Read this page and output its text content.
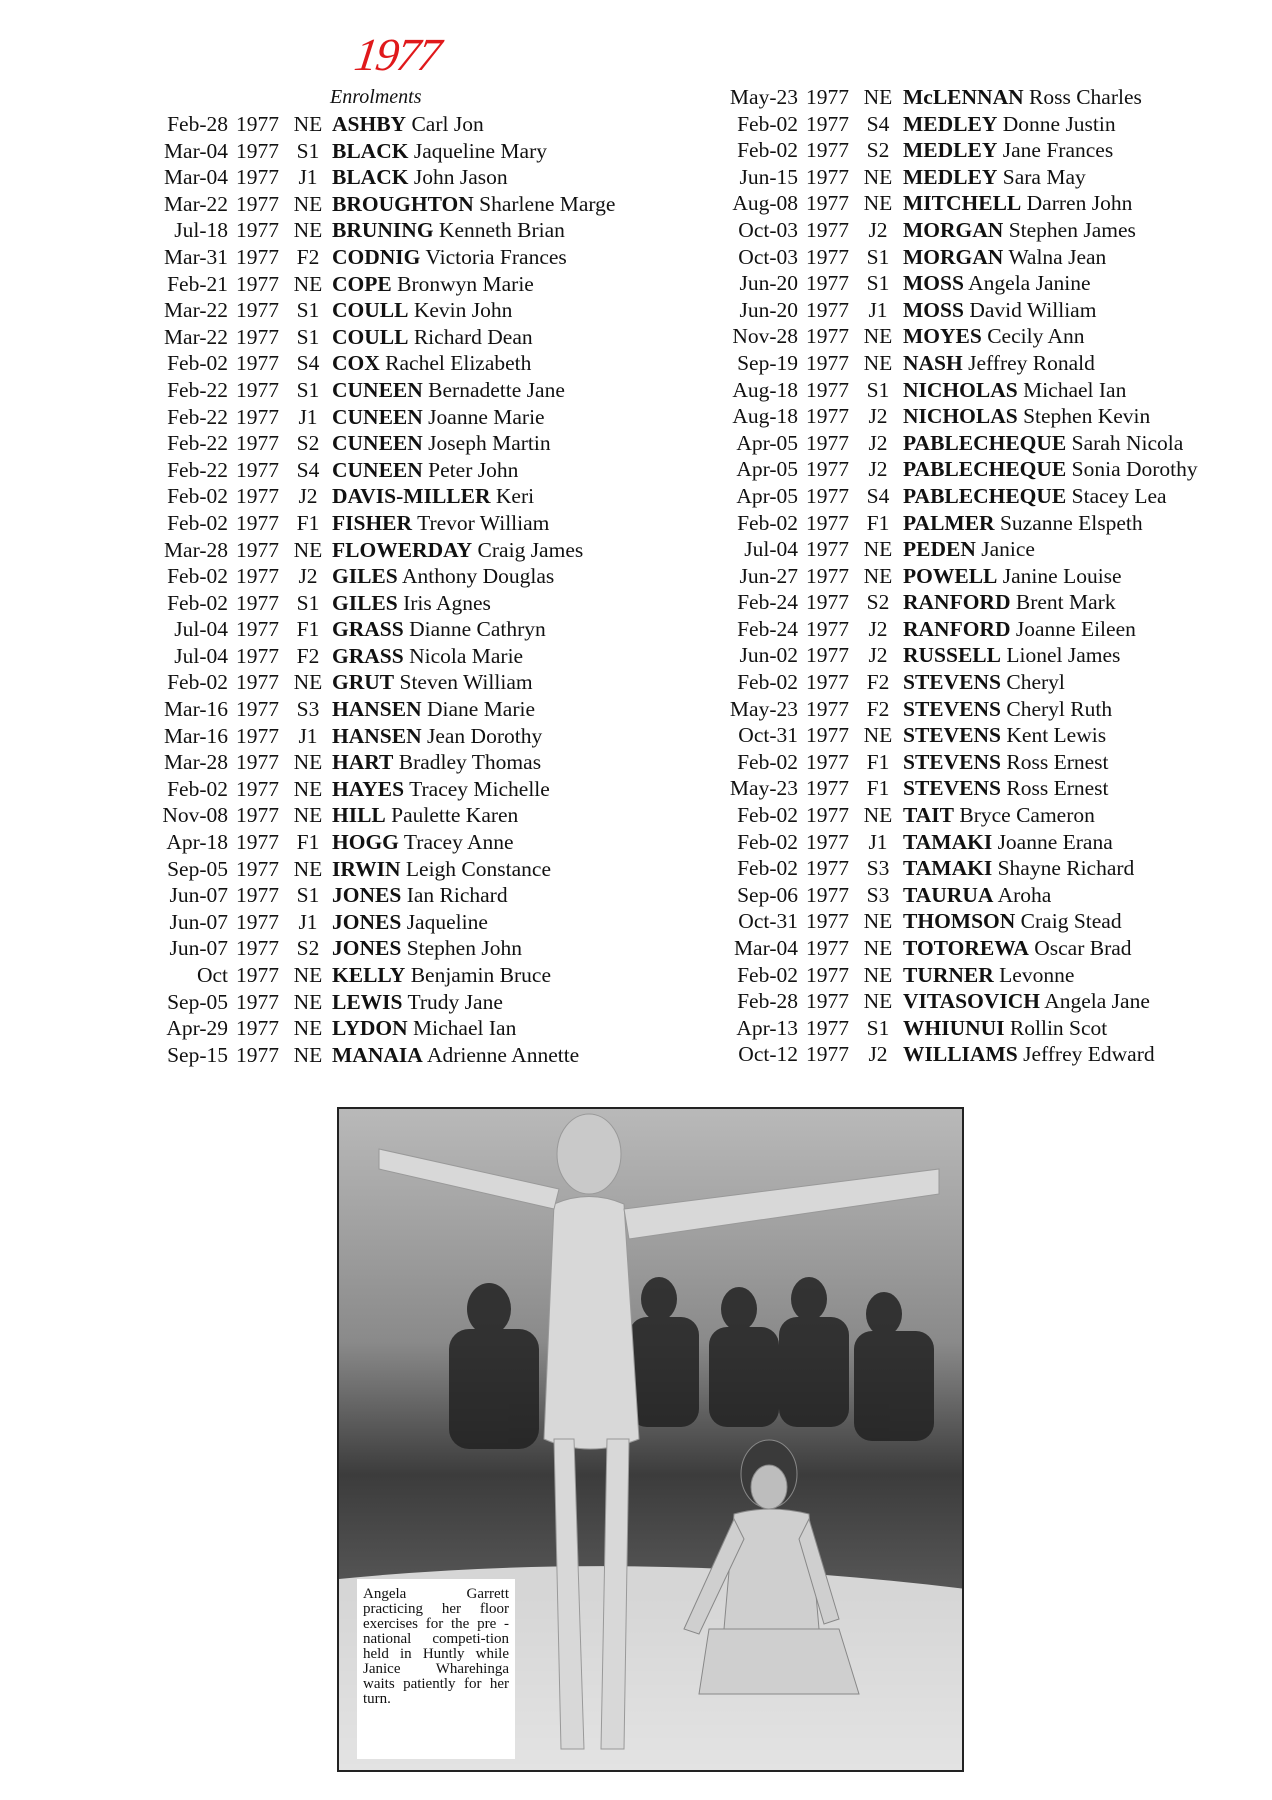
1977
Enrolments
Feb-28 1977 NE ASHBY Carl Jon
Mar-04 1977 S1 BLACK Jaqueline Mary
Mar-04 1977 J1 BLACK John Jason
Mar-22 1977 NE BROUGHTON Sharlene Marge
Jul-18 1977 NE BRUNING Kenneth Brian
Mar-31 1977 F2 CODNIG Victoria Frances
Feb-21 1977 NE COPE Bronwyn Marie
Mar-22 1977 S1 COULL Kevin John
Mar-22 1977 S1 COULL Richard Dean
Feb-02 1977 S4 COX Rachel Elizabeth
Feb-22 1977 S1 CUNEEN Bernadette Jane
Feb-22 1977 J1 CUNEEN Joanne Marie
Feb-22 1977 S2 CUNEEN Joseph Martin
Feb-22 1977 S4 CUNEEN Peter John
Feb-02 1977 J2 DAVIS-MILLER Keri
Feb-02 1977 F1 FISHER Trevor William
Mar-28 1977 NE FLOWERDAY Craig James
Feb-02 1977 J2 GILES Anthony Douglas
Feb-02 1977 S1 GILES Iris Agnes
Jul-04 1977 F1 GRASS Dianne Cathryn
Jul-04 1977 F2 GRASS Nicola Marie
Feb-02 1977 NE GRUT Steven William
Mar-16 1977 S3 HANSEN Diane Marie
Mar-16 1977 J1 HANSEN Jean Dorothy
Mar-28 1977 NE HART Bradley Thomas
Feb-02 1977 NE HAYES Tracey Michelle
Nov-08 1977 NE HILL Paulette Karen
Apr-18 1977 F1 HOGG Tracey Anne
Sep-05 1977 NE IRWIN Leigh Constance
Jun-07 1977 S1 JONES Ian Richard
Jun-07 1977 J1 JONES Jaqueline
Jun-07 1977 S2 JONES Stephen John
Oct 1977 NE KELLY Benjamin Bruce
Sep-05 1977 NE LEWIS Trudy Jane
Apr-29 1977 NE LYDON Michael Ian
Sep-15 1977 NE MANAIA Adrienne Annette
May-23 1977 NE McLENNAN Ross Charles
Feb-02 1977 S4 MEDLEY Donne Justin
Feb-02 1977 S2 MEDLEY Jane Frances
Jun-15 1977 NE MEDLEY Sara May
Aug-08 1977 NE MITCHELL Darren John
Oct-03 1977 J2 MORGAN Stephen James
Oct-03 1977 S1 MORGAN Walna Jean
Jun-20 1977 S1 MOSS Angela Janine
Jun-20 1977 J1 MOSS David William
Nov-28 1977 NE MOYES Cecily Ann
Sep-19 1977 NE NASH Jeffrey Ronald
Aug-18 1977 S1 NICHOLAS Michael Ian
Aug-18 1977 J2 NICHOLAS Stephen Kevin
Apr-05 1977 J2 PABLECHEQUE Sarah Nicola
Apr-05 1977 J2 PABLECHEQUE Sonia Dorothy
Apr-05 1977 S4 PABLECHEQUE Stacey Lea
Feb-02 1977 F1 PALMER Suzanne Elspeth
Jul-04 1977 NE PEDEN Janice
Jun-27 1977 NE POWELL Janine Louise
Feb-24 1977 S2 RANFORD Brent Mark
Feb-24 1977 J2 RANFORD Joanne Eileen
Jun-02 1977 J2 RUSSELL Lionel James
Feb-02 1977 F2 STEVENS Cheryl
May-23 1977 F2 STEVENS Cheryl Ruth
Oct-31 1977 NE STEVENS Kent Lewis
Feb-02 1977 F1 STEVENS Ross Ernest
May-23 1977 F1 STEVENS Ross Ernest
Feb-02 1977 NE TAIT Bryce Cameron
Feb-02 1977 J1 TAMAKI Joanne Erana
Feb-02 1977 S3 TAMAKI Shayne Richard
Sep-06 1977 S3 TAURUA Aroha
Oct-31 1977 NE THOMSON Craig Stead
Mar-04 1977 NE TOTOREWA Oscar Brad
Feb-02 1977 NE TURNER Levonne
Feb-28 1977 NE VITASOVICH Angela Jane
Apr-13 1977 S1 WHIUNUI Rollin Scot
Oct-12 1977 J2 WILLIAMS Jeffrey Edward
Angela Garrett practicing her floor exercises for the pre -national competi-tion held in Huntly while Janice Wharehinga waits patiently for her turn.
